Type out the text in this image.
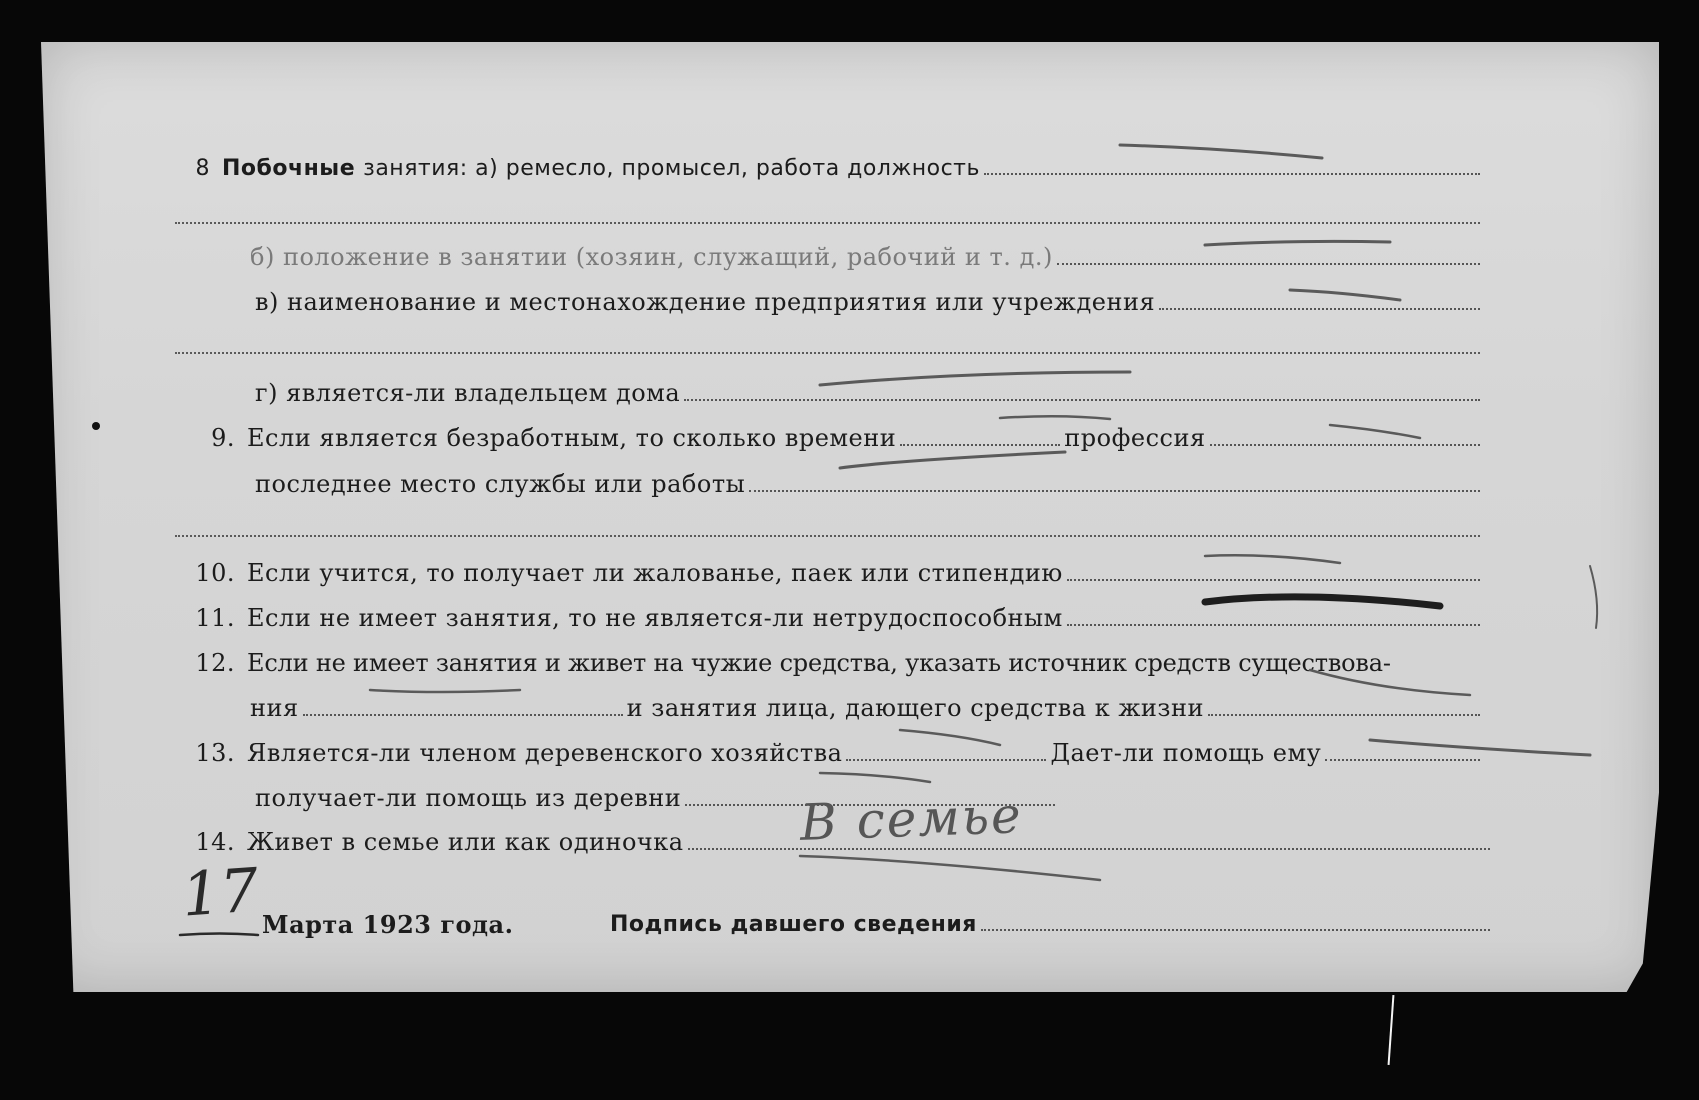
8 Побочные занятия: а) ремесло, промысел, работа должность
б) положение в занятии (хозяин, служащий, рабочий и т. д.)
в) наименование и местонахождение предприятия или учреждения
г) является-ли владельцем дома
9. Если является безработным, то сколько времени	профессия
последнее место службы или работы
10. Если учится, то получает ли жалованье, паек или стипендию
11. Если не имеет занятия, то не является-ли нетрудоспособным
12. Если не имеет занятия и живет на чужие средства, указать источник средств существова-
ния	и занятия лица, дающего средства к жизни
13. Является-ли членом деревенского хозяйства	Дает-ли помощь ему
получает-ли помощь из деревни
14. Живет в семье или как одиночка В семье
17 Марта 1923 года.	Подпись давшего сведения
